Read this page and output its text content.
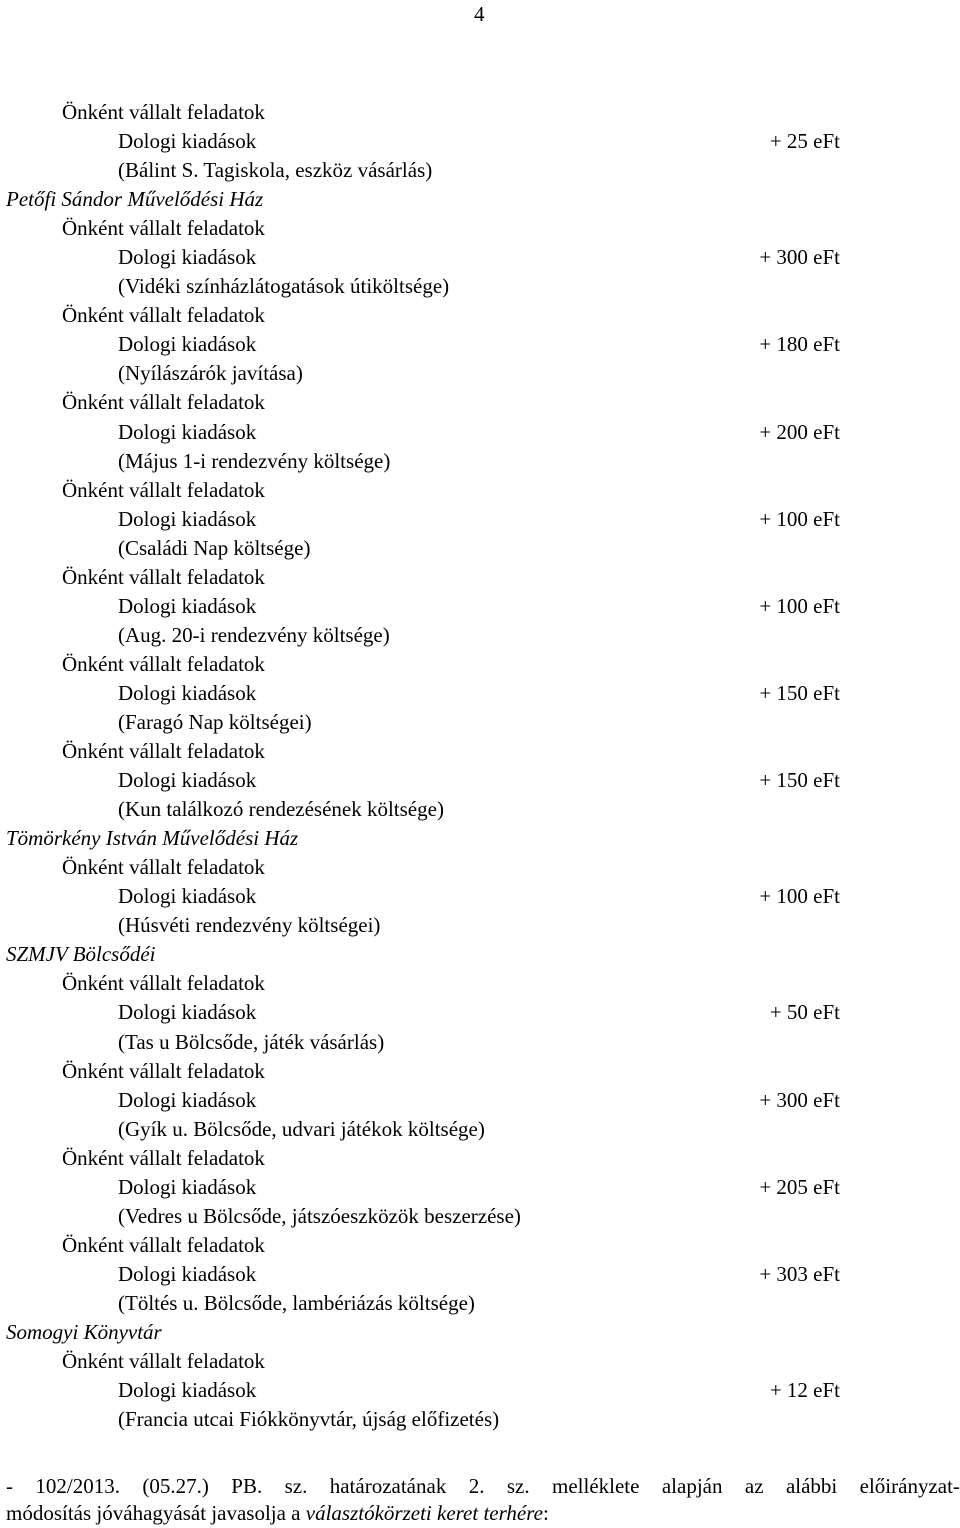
4
Önként vállalt feladatok
Dologi kiadások	+ 25 eFt
(Bálint S. Tagiskola, eszköz vásárlás)
Petőfi Sándor Művelődési Ház
Önként vállalt feladatok
Dologi kiadások	+ 300 eFt
(Vidéki színházlátogatások útiköltsége)
Önként vállalt feladatok
Dologi kiadások	+ 180 eFt
(Nyílászárók javítása)
Önként vállalt feladatok
Dologi kiadások	+ 200 eFt
(Május 1-i rendezvény költsége)
Önként vállalt feladatok
Dologi kiadások	+ 100 eFt
(Családi Nap költsége)
Önként vállalt feladatok
Dologi kiadások	+ 100 eFt
(Aug. 20-i rendezvény költsége)
Önként vállalt feladatok
Dologi kiadások	+ 150 eFt
(Faragó Nap költségei)
Önként vállalt feladatok
Dologi kiadások	+ 150 eFt
(Kun találkozó rendezésének költsége)
Tömörkény István Művelődési Ház
Önként vállalt feladatok
Dologi kiadások	+ 100 eFt
(Húsvéti rendezvény költségei)
SZMJV Bölcsődéi
Önként vállalt feladatok
Dologi kiadások	+ 50 eFt
(Tas u Bölcsőde, játék vásárlás)
Önként vállalt feladatok
Dologi kiadások	+ 300 eFt
(Gyík u. Bölcsőde, udvari játékok költsége)
Önként vállalt feladatok
Dologi kiadások	+ 205 eFt
(Vedres u Bölcsőde, játszóeszközök beszerzése)
Önként vállalt feladatok
Dologi kiadások	+ 303 eFt
(Töltés u. Bölcsőde, lambériázás költsége)
Somogyi Könyvtár
Önként vállalt feladatok
Dologi kiadások	+ 12 eFt
(Francia utcai Fiókkönyvtár, újság előfizetés)
- 102/2013. (05.27.) PB. sz. határozatának 2. sz. melléklete alapján az alábbi előirányzat-
módosítás jóváhagyását javasolja a választókörzeti keret terhére:
